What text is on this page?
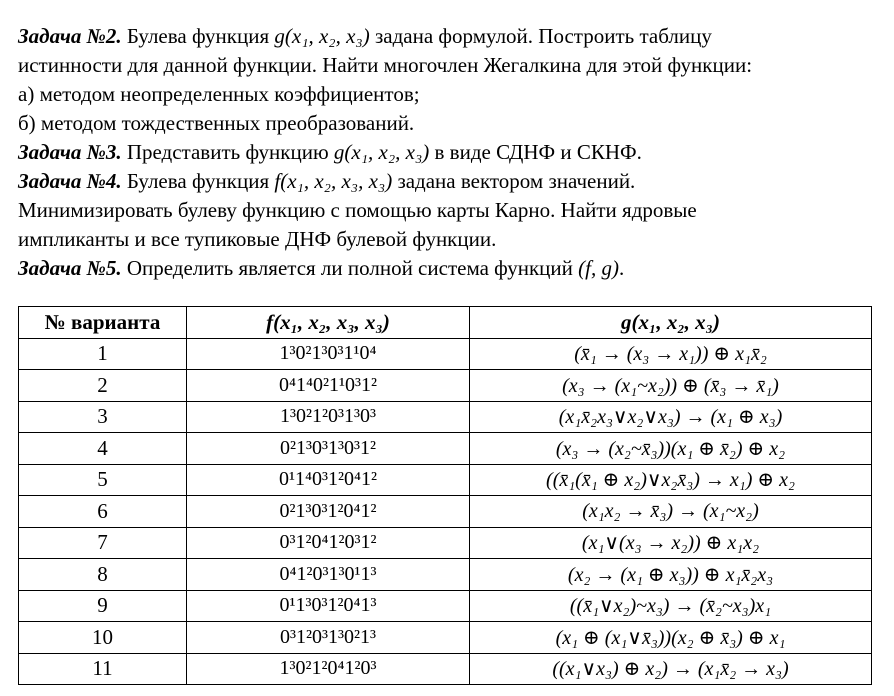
Задача №2. Булева функция g(x₁, x₂, x₃) задана формулой. Построить таблицу

истинности для данной функции. Найти многочлен Жегалкина для этой функции:

а) методом неопределенных коэффициентов;

б) методом тождественных преобразований.

Задача №3. Представить функцию g(x₁, x₂, x₃) в виде СДНФ и СКНФ.

Задача №4. Булева функция f(x₁, x₂, x₃, x₃) задана вектором значений.

Минимизировать булеву функцию с помощью карты Карно. Найти ядровые

импликанты и все тупиковые ДНФ булевой функции.

Задача №5. Определить является ли полной система функций (f, g).

№ варианта	f(x₁, x₂, x₃, x₃)	g(x₁, x₂, x₃)
1	1³0²1³0³1¹0⁴	(x̄₁ → (x₃ → x₁)) ⊕ x₁x̄₂
2	0⁴1⁴0²1¹0³1²	(x₃ → (x₁~x₂)) ⊕ (x̄₃ → x̄₁)
3	1³0²1²0³1³0³	(x₁x̄₂x₃∨x₂∨x₃) → (x₁ ⊕ x₃)
4	0²1³0³1³0³1²	(x₃ → (x₂~x̄₃))(x₁ ⊕ x̄₂) ⊕ x₂
5	0¹1⁴0³1²0⁴1²	((x̄₁(x̄₁ ⊕ x₂)∨x₂x̄₃) → x₁) ⊕ x₂
6	0²1³0³1²0⁴1²	(x₁x₂ → x̄₃) → (x₁~x₂)
7	0³1²0⁴1²0³1²	(x₁∨(x₃ → x₂)) ⊕ x₁x₂
8	0⁴1²0³1³0¹1³	(x₂ → (x₁ ⊕ x₃)) ⊕ x₁x̄₂x₃
9	0¹1³0³1²0⁴1³	((x̄₁∨x₂)~x₃) → (x̄₂~x₃)x₁
10	0³1²0³1³0²1³	(x₁ ⊕ (x₁∨x̄₃))(x₂ ⊕ x̄₃) ⊕ x₁
11	1³0²1²0⁴1²0³	((x₁∨x₃) ⊕ x₂) → (x₁x̄₂ → x₃)
